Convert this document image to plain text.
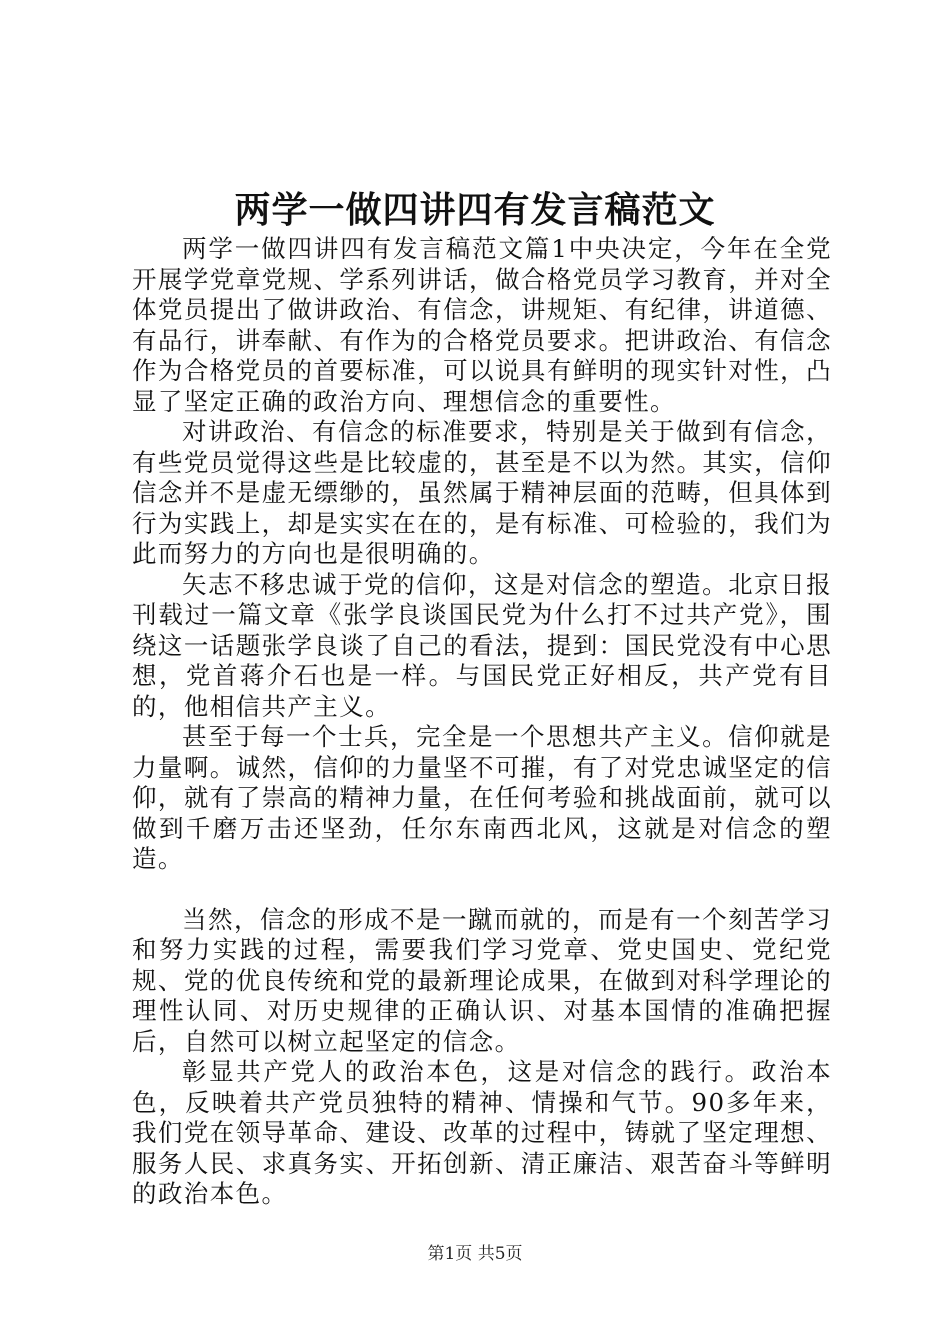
两学一做四讲四有发言稿范文

两学一做四讲四有发言稿范文篇1中央决定，今年在全党开展学党章党规、学系列讲话，做合格党员学习教育，并对全体党员提出了做讲政治、有信念，讲规矩、有纪律，讲道德、有品行，讲奉献、有作为的合格党员要求。把讲政治、有信念作为合格党员的首要标准，可以说具有鲜明的现实针对性，凸显了坚定正确的政治方向、理想信念的重要性。

对讲政治、有信念的标准要求，特别是关于做到有信念，有些党员觉得这些是比较虚的，甚至是不以为然。其实，信仰信念并不是虚无缥缈的，虽然属于精神层面的范畴，但具体到行为实践上，却是实实在在的，是有标准、可检验的，我们为此而努力的方向也是很明确的。

矢志不移忠诚于党的信仰，这是对信念的塑造。北京日报刊载过一篇文章《张学良谈国民党为什么打不过共产党》，围绕这一话题张学良谈了自己的看法，提到：国民党没有中心思想，党首蒋介石也是一样。与国民党正好相反，共产党有目的，他相信共产主义。

甚至于每一个士兵，完全是一个思想共产主义。信仰就是力量啊。诚然，信仰的力量坚不可摧，有了对党忠诚坚定的信仰，就有了崇高的精神力量，在任何考验和挑战面前，就可以做到千磨万击还坚劲，任尔东南西北风，这就是对信念的塑造。

当然，信念的形成不是一蹴而就的，而是有一个刻苦学习和努力实践的过程，需要我们学习党章、党史国史、党纪党规、党的优良传统和党的最新理论成果，在做到对科学理论的理性认同、对历史规律的正确认识、对基本国情的准确把握后，自然可以树立起坚定的信念。

彰显共产党人的政治本色，这是对信念的践行。政治本色，反映着共产党员独特的精神、情操和气节。90多年来，我们党在领导革命、建设、改革的过程中，铸就了坚定理想、服务人民、求真务实、开拓创新、清正廉洁、艰苦奋斗等鲜明的政治本色。

第1页 共5页
